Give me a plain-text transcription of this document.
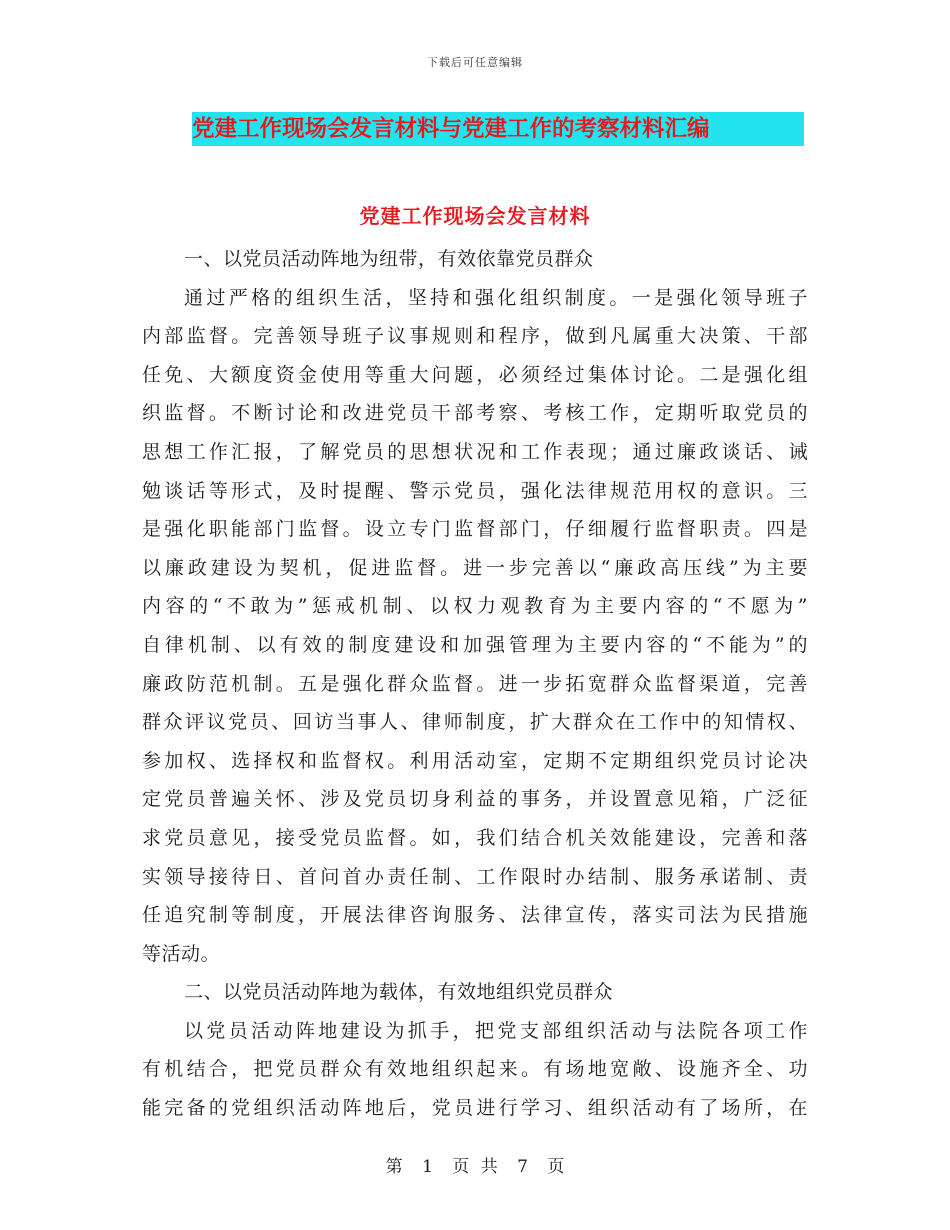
下载后可任意编辑
党建工作现场会发言材料与党建工作的考察材料汇编
党建工作现场会发言材料
一、以党员活动阵地为纽带，有效依靠党员群众
通过严格的组织生活，坚持和强化组织制度。一是强化领导班子
内部监督。完善领导班子议事规则和程序，做到凡属重大决策、干部
任免、大额度资金使用等重大问题，必须经过集体讨论。二是强化组
织监督。不断讨论和改进党员干部考察、考核工作，定期听取党员的
思想工作汇报，了解党员的思想状况和工作表现；通过廉政谈话、诫
勉谈话等形式，及时提醒、警示党员，强化法律规范用权的意识。三
是强化职能部门监督。设立专门监督部门，仔细履行监督职责。四是
以廉政建设为契机，促进监督。进一步完善以“廉政高压线”为主要
内容的“不敢为”惩戒机制、以权力观教育为主要内容的“不愿为”
自律机制、以有效的制度建设和加强管理为主要内容的“不能为”的
廉政防范机制。五是强化群众监督。进一步拓宽群众监督渠道，完善
群众评议党员、回访当事人、律师制度，扩大群众在工作中的知情权、
参加权、选择权和监督权。利用活动室，定期不定期组织党员讨论决
定党员普遍关怀、涉及党员切身利益的事务，并设置意见箱，广泛征
求党员意见，接受党员监督。如，我们结合机关效能建设，完善和落
实领导接待日、首问首办责任制、工作限时办结制、服务承诺制、责
任追究制等制度，开展法律咨询服务、法律宣传，落实司法为民措施
等活动。
二、以党员活动阵地为载体，有效地组织党员群众
以党员活动阵地建设为抓手，把党支部组织活动与法院各项工作
有机结合，把党员群众有效地组织起来。有场地宽敞、设施齐全、功
能完备的党组织活动阵地后，党员进行学习、组织活动有了场所，在
第 1 页 共 7 页
